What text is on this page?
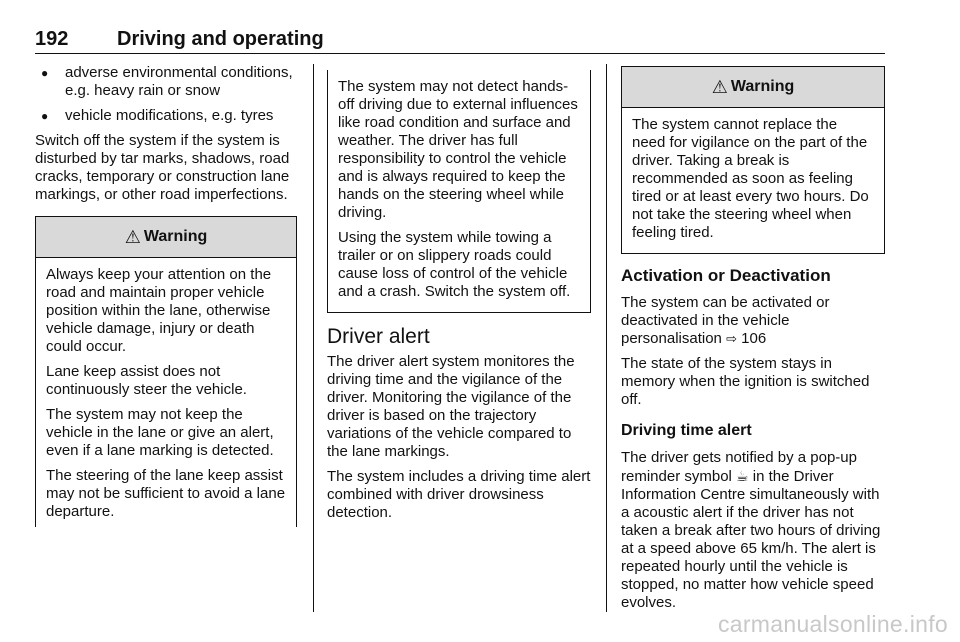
192 Driving and operating
● adverse environmental conditions, e.g. heavy rain or snow
● vehicle modifications, e.g. tyres

Switch off the system if the system is disturbed by tar marks, shadows, road cracks, temporary or construction lane markings, or other road imperfections.

⚠ Warning

Always keep your attention on the road and maintain proper vehicle position within the lane, otherwise vehicle damage, injury or death could occur.

Lane keep assist does not continuously steer the vehicle.

The system may not keep the vehicle in the lane or give an alert, even if a lane marking is detected.

The steering of the lane keep assist may not be sufficient to avoid a lane departure.

The system may not detect hands-off driving due to external influences like road condition and surface and weather. The driver has full responsibility to control the vehicle and is always required to keep the hands on the steering wheel while driving.

Using the system while towing a trailer or on slippery roads could cause loss of control of the vehicle and a crash. Switch the system off.

Driver alert

The driver alert system monitores the driving time and the vigilance of the driver. Monitoring the vigilance of the driver is based on the trajectory variations of the vehicle compared to the lane markings.

The system includes a driving time alert combined with driver drowsiness detection.

⚠ Warning

The system cannot replace the need for vigilance on the part of the driver. Taking a break is recommended as soon as feeling tired or at least every two hours. Do not take the steering wheel when feeling tired.

Activation or Deactivation

The system can be activated or deactivated in the vehicle personalisation ⇨ 106

The state of the system stays in memory when the ignition is switched off.

Driving time alert

The driver gets notified by a pop-up reminder symbol ☕ in the Driver Information Centre simultaneously with a acoustic alert if the driver has not taken a break after two hours of driving at a speed above 65 km/h. The alert is repeated hourly until the vehicle is stopped, no matter how vehicle speed evolves.

carmanualsonline.info
